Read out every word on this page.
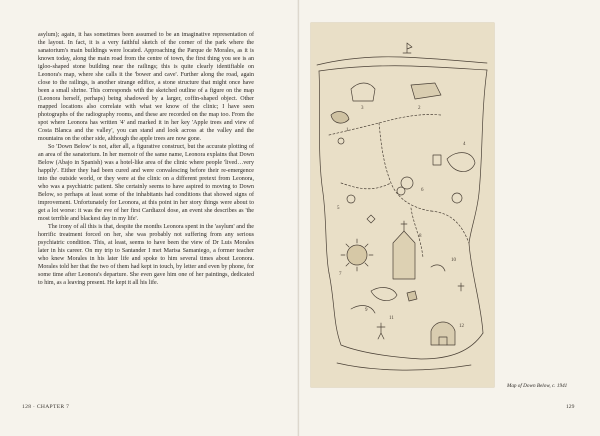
asylum); again, it has sometimes been assumed to be an imaginative representation of the layout. In fact, it is a very faithful sketch of the corner of the park where the sanatorium's main buildings were located. Approaching the Parque de Morales, as it is known today, along the main road from the centre of town, the first thing you see is an igloo-shaped stone building near the railings; this is quite clearly identifiable on Leonora's map, where she calls it the 'bower and cave'. Further along the road, again close to the railings, is another strange edifice, a stone structure that might once have been a small shrine. This corresponds with the sketched outline of a figure on the map (Leonora herself, perhaps) being shadowed by a larger, coffin-shaped object. Other mapped locations also correlate with what we know of the clinic; I have seen photographs of the radiography rooms, and these are recorded on the map too. From the spot where Leonora has written '4' and marked it in her key 'Apple trees and view of Costa Blanca and the valley', you can stand and look across at the valley and the mountains on the other side, although the apple trees are now gone.

So 'Down Below' is not, after all, a figurative construct, but the accurate plotting of an area of the sanatorium. In her memoir of the same name, Leonora explains that Down Below (Abajo in Spanish) was a hotel-like area of the clinic where people 'lived…very happily'. Either they had been cured and were convalescing before their re-emergence into the outside world, or they were at the clinic on a different pretext from Leonora, who was a psychiatric patient. She certainly seems to have aspired to moving to Down Below, so perhaps at least some of the inhabitants had conditions that showed signs of improvement. Unfortunately for Leonora, at this point in her story things were about to get a lot worse: it was the eve of her first Cardiazol dose, an event she describes as 'the most terrible and blackest day in my life'.

The irony of all this is that, despite the months Leonora spent in the 'asylum' and the horrific treatment forced on her, she was probably not suffering from any serious psychiatric condition. This, at least, seems to have been the view of Dr Luis Morales later in his career. On my trip to Santander I met Marisa Samaniego, a former teacher who knew Morales in his later life and spoke to him several times about Leonora. Morales told her that the two of them had kept in touch, by letter and even by phone, for some time after Leonora's departure. She even gave him one of her paintings, dedicated to him, as a leaving present. He kept it all his life.

128 · CHAPTER 7
1
2
3
4
5
6
7
8
9
10
11
12
Map of Down Below, c. 1941
129
